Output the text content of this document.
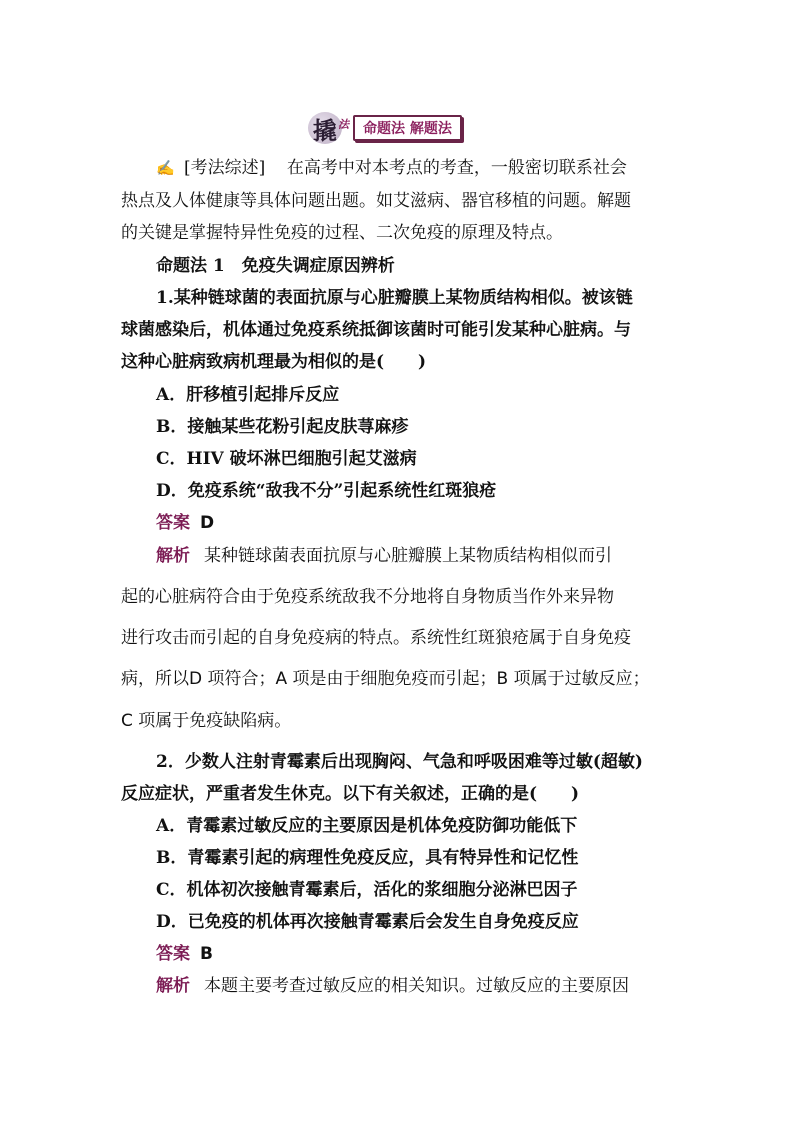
撬 法	命题法 解题法
✍ [考法综述] 在高考中对本考点的考查，一般密切联系社会
热点及人体健康等具体问题出题。如艾滋病、器官移植的问题。解题
的关键是掌握特异性免疫的过程、二次免疫的原理及特点。
命题法 1　免疫失调症原因辨析
1.某种链球菌的表面抗原与心脏瓣膜上某物质结构相似。被该链
球菌感染后，机体通过免疫系统抵御该菌时可能引发某种心脏病。与
这种心脏病致病机理最为相似的是(　　)
A．肝移植引起排斥反应
B．接触某些花粉引起皮肤荨麻疹
C．HIV 破坏淋巴细胞引起艾滋病
D．免疫系统“敌我不分”引起系统性红斑狼疮
答案 D
解析 某种链球菌表面抗原与心脏瓣膜上某物质结构相似而引
起的心脏病符合由于免疫系统敌我不分地将自身物质当作外来异物
进行攻击而引起的自身免疫病的特点。系统性红斑狼疮属于自身免疫
病，所以D 项符合；A 项是由于细胞免疫而引起；B 项属于过敏反应；
C 项属于免疫缺陷病。
2．少数人注射青霉素后出现胸闷、气急和呼吸困难等过敏(超敏)
反应症状，严重者发生休克。以下有关叙述，正确的是(　　)
A．青霉素过敏反应的主要原因是机体免疫防御功能低下
B．青霉素引起的病理性免疫反应，具有特异性和记忆性
C．机体初次接触青霉素后，活化的浆细胞分泌淋巴因子
D．已免疫的机体再次接触青霉素后会发生自身免疫反应
答案 B
解析 本题主要考查过敏反应的相关知识。过敏反应的主要原因
